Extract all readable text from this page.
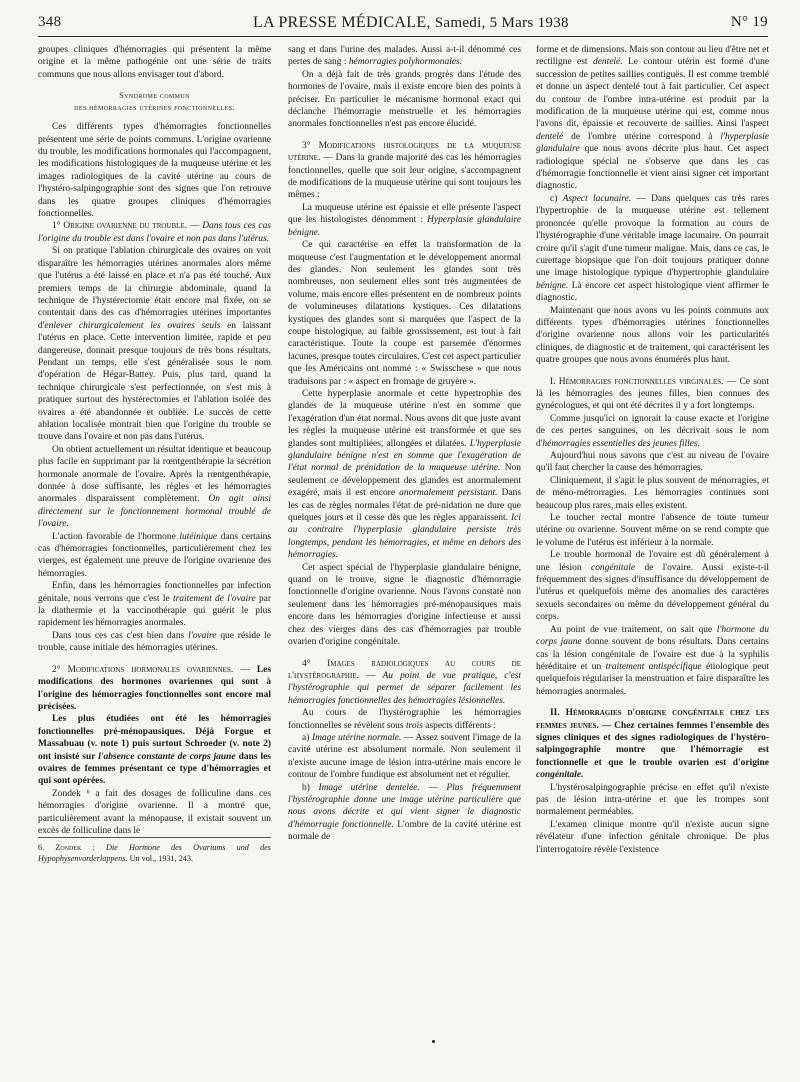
348	LA PRESSE MÉDICALE, Samedi, 5 Mars 1938	N° 19

groupes cliniques d'hémorragies qui présentent la même origine et la même pathogénie ont une série de traits communs que nous allons envisager tout d'abord.

Syndrome commun
des hémorragies utérines fonctionnelles.

Ces différents types d'hémorragies fonctionnelles présentent une série de points communs. L'origine ovarienne du trouble, les modifications hormonales qui l'accompagnent, les modifications histologiques de la muqueuse utérine et les images radiologiques de la cavité utérine au cours de l'hystéro-salpingographie sont des signes que l'on retrouve dans les quatre groupes cliniques d'hémorragies fonctionnelles.

1° Origine ovarienne du trouble. — Dans tous ces cas l'origine du trouble est dans l'ovaire et non pas dans l'utérus.

Si on pratique l'ablation chirurgicale des ovaires on voit disparaître les hémorragies utérines anormales alors même que l'utérus a été laissé en place et n'a pas été touché. Aux premiers temps de la chirurgie abdominale, quand la technique de l'hystérectomie était encore mal fixée, on se contentait dans des cas d'hémorragies utérines importantes d'enlever chirurgicalement les ovaires seuls en laissant l'utérus en place. Cette intervention limitée, rapide et peu dangereuse, donnait presque toujours de très bons résultats. Pendant un temps, elle s'est généralisée sous le nom d'opération de Hégar-Battey. Puis, plus tard, quand la technique chirurgicale s'est perfectionnée, on s'est mis à pratiquer surtout des hystérectomies et l'ablation isolée des ovaires a été abandonnée et oubliée. Le succès de cette ablation localisée montrait bien que l'origine du trouble se trouve dans l'ovaire et non pas dans l'utérus.

On obtient actuellement un résultat identique et beaucoup plus facile en supprimant par la rœntgenthérapie la sécrétion hormonale anormale de l'ovaire. Après la rœntgenthérapie, donnée à dose suffisante, les règles et les hémorragies anormales disparaissent complètement. On agit ainsi directement sur le fonctionnement hormonal troublé de l'ovaire.

L'action favorable de l'hormone lutéinique dans certains cas d'hémorragies fonctionnelles, particulièrement chez les vierges, est également une preuve de l'origine ovarienne des hémorragies.

Enfin, dans les hémorragies fonctionnelles par infection génitale, nous verrons que c'est le traitement de l'ovaire par la diathermie et la vaccinothérapie qui guérit le plus rapidement les hémorragies anormales.

Dans tous ces cas c'est bien dans l'ovaire que réside le trouble, cause initiale des hémorragies utérines.

2° Modifications hormonales ovariennes. — Les modifications des hormones ovariennes qui sont à l'origine des hémorragies fonctionnelles sont encore mal précisées.

Les plus étudiées ont été les hémorragies fonctionnelles pré-ménopausiques. Déjà Forgue et Massabuau (v. note 1) puis surtout Schroeder (v. note 2) ont insisté sur l'absence constante de corps jaune dans les ovaires de femmes présentant ce type d'hémorragies et qui sont opérées.

Zondek ⁶ a fait des dosages de folliculine dans ces hémorragies d'origine ovarienne. Il a montré que, particulièrement avant la ménopause, il existait souvent un excès de folliculine dans le

6. Zondek : Die Hormone des Ovariums und des Hypophysenvorderlappens. Un vol., 1931, 243.

sang et dans l'urine des malades. Aussi a-t-il dénommé ces pertes de sang : hémorragies polyhormonales.

On a déjà fait de très grands progrès dans l'étude des hormones de l'ovaire, mais il existe encore bien des points à préciser. En particulier le mécanisme hormonal exact qui déclanche l'hémorragie menstruelle et les hémorragies anormales fonctionnelles n'est pas encore élucidé.

3° Modifications histologiques de la muqueuse utérine. — Dans la grande majorité des cas les hémorragies fonctionnelles, quelle que soit leur origine, s'accompagnent de modifications de la muqueuse utérine qui sont toujours les mêmes :

La muqueuse utérine est épaissie et elle présente l'aspect que les histologistes dénomment : Hyperplasie glandulaire bénigne.

Ce qui caractérise en effet la transformation de la muqueuse c'est l'augmentation et le développement anormal des glandes. Non seulement les glandes sont très nombreuses, non seulement elles sont très augmentées de volume, mais encore elles présentent en de nombreux points de volumineuses dilatations kystiques. Ces dilatations kystiques des glandes sont si marquées que l'aspect de la coupe histologique, au faible grossissement, est tout à fait caractéristique. Toute la coupe est parsemée d'énormes lacunes, presque toutes circulaires. C'est cet aspect particulier que les Américains ont nommé : « Swisschese » que nous traduisons par : « aspect en fromage de gruyère ».

Cette hyperplasie anormale et cette hypertrophie des glandes de la muqueuse utérine n'est en somme que l'exagération d'un état normal. Nous avons dit que juste avant les règles la muqueuse utérine est transformée et que ses glandes sont multipliées, allongées et dilatées. L'hyperplasie glandulaire bénigne n'est en somme que l'exagération de l'état normal de prénidation de la muqueuse utérine. Non seulement ce développement des glandes est anormalement exagéré, mais il est encore anormalement persistant. Dans les cas de règles normales l'état de pré-nidation ne dure que quelques jours et il cesse dès que les règles apparaissent. Ici au contraire l'hyperplasie glandulaire persiste très longtemps, pendant les hémorragies, et même en dehors des hémorragies.

Cet aspect spécial de l'hyperplasie glandulaire bénigne, quand on le trouve, signe le diagnostic d'hémorragie fonctionnelle d'origine ovarienne. Nous l'avons constaté non seulement dans les hémorragies pré-ménopausiques mais encore dans les hémorragies d'origine infectieuse et aussi chez des vierges dans des cas d'hémorragies par trouble ovarien d'origine congénitale.

4° Images radiologiques au cours de l'hystérographie. — Au point de vue pratique, c'est l'hystérographie qui permet de séparer facilement les hémorragies fonctionnelles des hémorragies lésionnelles.

Au cours de l'hystérographie les hémorragies fonctionnelles se révèlent sous trois aspects différents :

a) Image utérine normale. — Assez souvent l'image de la cavité utérine est absolument normale. Non seulement il n'existe aucune image de lésion intra-utérine mais encore le contour de l'ombre fundique est absolument net et régulier.

b) Image utérine dentelée. — Plus fréquemment l'hystérographie donne une image utérine particulière que nous avons décrite et qui vient signer le diagnostic d'hémorragie fonctionnelle. L'ombre de la cavité utérine est normale de

forme et de dimensions. Mais son contour au lieu d'être net et rectiligne est dentelé. Le contour utérin est formé d'une succession de petites saillies contiguës. Il est comme tremblé et donne un aspect dentelé tout à fait particulier. Cet aspect du contour de l'ombre intra-utérine est produit par la modification de la muqueuse utérine qui est, comme nous l'avons dit, épaissie et recouverte de saillies. Ainsi l'aspect dentelé de l'ombre utérine correspond à l'hyperplasie glandulaire que nous avons décrite plus haut. Cet aspect radiologique spécial ne s'observe que dans les cas d'hémorragie fonctionnelle et vient ainsi signer cet important diagnostic.

c) Aspect lacunaire. — Dans quelques cas très rares l'hypertrophie de la muqueuse utérine est tellement prononcée qu'elle provoque la formation au cours de l'hystérographie d'une véritable image lacunaire. On pourrait croire qu'il s'agit d'une tumeur maligne. Mais, dans ce cas, le curettage biopsique que l'on doit toujours pratiquer donne une image histologique typique d'hypertrophie glandulaire bénigne. Là encore cet aspect histologique vient affirmer le diagnostic.

Maintenant que nous avons vu les points communs aux différents types d'hémorragies utérines fonctionnelles d'origine ovarienne nous allons voir les particularités cliniques, de diagnostic et de traitement, qui caractérisent les quatre groupes que nous avons énumérés plus haut.

I. Hémorragies fonctionnelles virginales. — Ce sont là les hémorragies des jeunes filles, bien connues des gynécologues, et qui ont été décrites il y a fort longtemps.

Comme jusqu'ici on ignorait la cause exacte et l'origine de ces pertes sanguines, on les décrivait sous le nom d'hémorragies essentielles des jeunes filles.

Aujourd'hui nous savons que c'est au niveau de l'ovaire qu'il faut chercher la cause des hémorragies.

Cliniquement, il s'agit le plus souvent de ménorragies, et de méno-métrorragies. Les hémorragies continues sont beaucoup plus rares, mais elles existent.

Le toucher rectal montre l'absence de toute tumeur utérine ou ovarienne. Souvent même on se rend compte que le volume de l'utérus est inférieur à la normale.

Le trouble hormonal de l'ovaire est dû généralement à une lésion congénitale de l'ovaire. Aussi existe-t-il fréquemment des signes d'insuffisance du développement de l'utérus et quelquefois même des anomalies des caractères sexuels secondaires ou même du développement général du corps.

Au point de vue traitement, on sait que l'hormone du corps jaune donne souvent de bons résultats. Dans certains cas la lésion congénitale de l'ovaire est due à la syphilis héréditaire et un traitement antispécifique étiologique peut quelquefois régulariser la menstruation et faire disparaître les hémorragies anormales.

II. Hémorragies d'origine congénitale chez les femmes jeunes. — Chez certaines femmes l'ensemble des signes cliniques et des signes radiologiques de l'hystéro-salpingographie montre que l'hémorragie est fonctionnelle et que le trouble ovarien est d'origine congénitale.

L'hystérosalpingographie précise en effet qu'il n'existe pas de lésion intra-utérine et que les trompes sont normalement perméables.

L'examen clinique montre qu'il n'existe aucun signe révélateur d'une infection génitale chronique. De plus l'interrogatoire révèle l'existence
